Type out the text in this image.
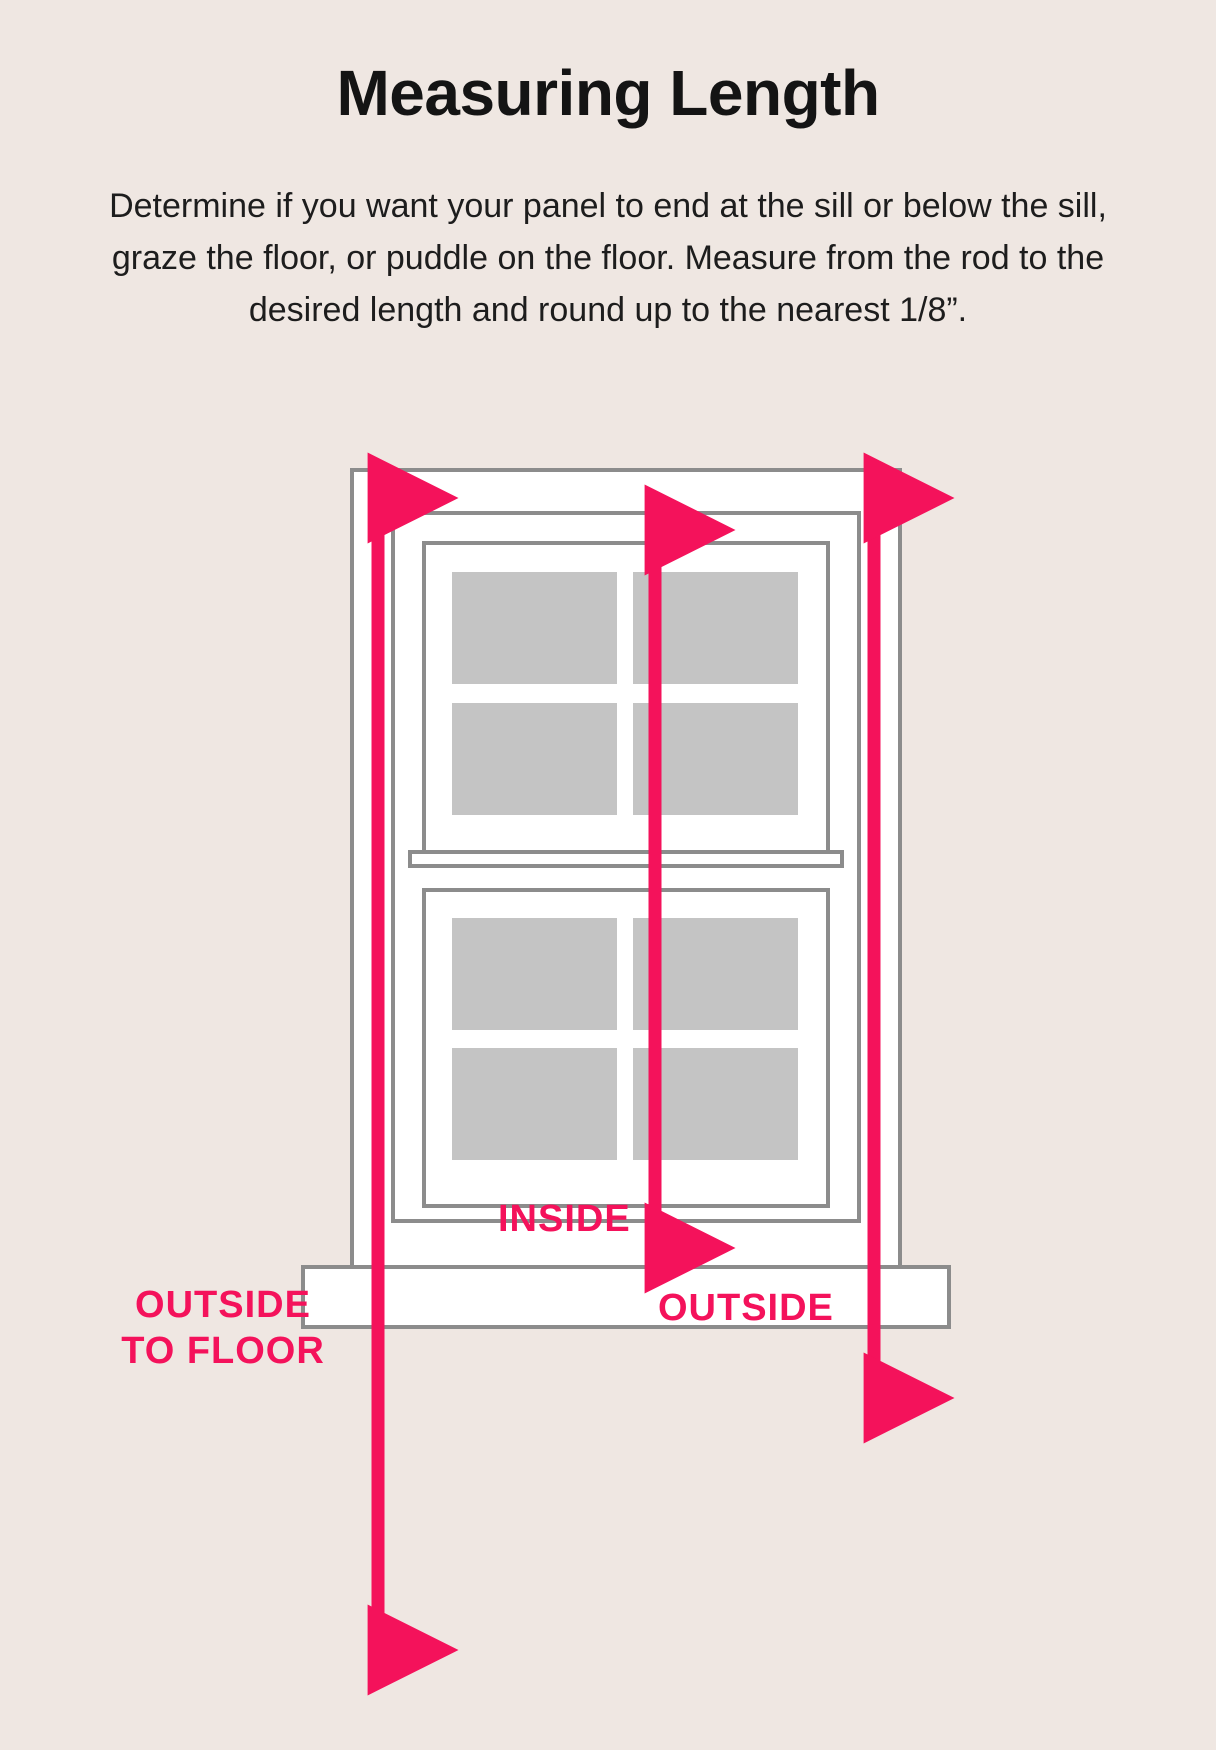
Measuring Length
Determine if you want your panel to end at the sill or below the sill, graze the floor, or puddle on the floor. Measure from the rod to the desired length and round up to the nearest 1/8”.
INSIDE
OUTSIDE
OUTSIDE
TO FLOOR
